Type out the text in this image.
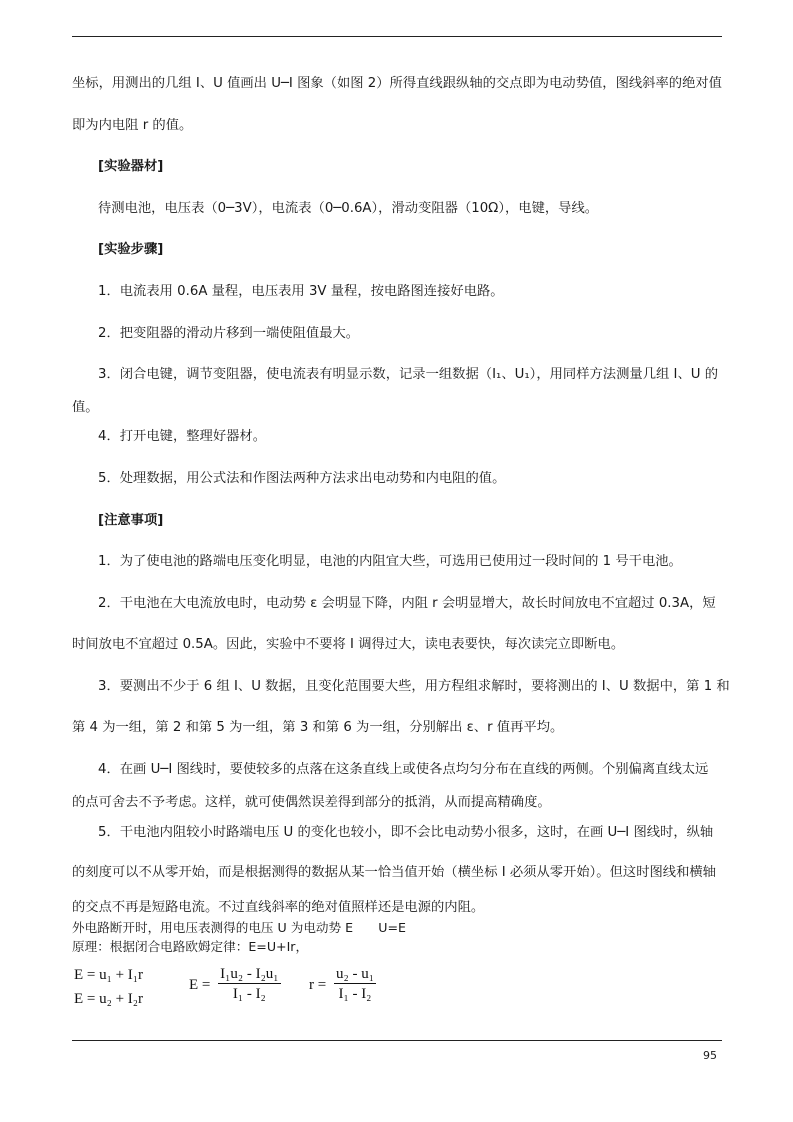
坐标，用测出的几组 I、U 值画出 U─I 图象（如图 2）所得直线跟纵轴的交点即为电动势值，图线斜率的绝对值
即为内电阻 r 的值。
[实验器材]
待测电池，电压表（0─3V），电流表（0─0.6A），滑动变阻器（10Ω），电键，导线。
[实验步骤]
1．电流表用 0.6A 量程，电压表用 3V 量程，按电路图连接好电路。
2．把变阻器的滑动片移到一端使阻值最大。
3．闭合电键，调节变阻器，使电流表有明显示数，记录一组数据（I₁、U₁），用同样方法测量几组 I、U 的
值。
4．打开电键，整理好器材。
5．处理数据，用公式法和作图法两种方法求出电动势和内电阻的值。
[注意事项]
1．为了使电池的路端电压变化明显，电池的内阻宜大些，可选用已使用过一段时间的 1 号干电池。
2．干电池在大电流放电时，电动势 ε 会明显下降，内阻 r 会明显增大，故长时间放电不宜超过 0.3A，短
时间放电不宜超过 0.5A。因此，实验中不要将 I 调得过大，读电表要快，每次读完立即断电。
3．要测出不少于 6 组 I、U 数据，且变化范围要大些，用方程组求解时，要将测出的 I、U 数据中，第 1 和
第 4 为一组，第 2 和第 5 为一组，第 3 和第 6 为一组，分别解出 ε、r 值再平均。
4．在画 U─I 图线时，要使较多的点落在这条直线上或使各点均匀分布在直线的两侧。个别偏离直线太远
的点可舍去不予考虑。这样，就可使偶然误差得到部分的抵消，从而提高精确度。
5．干电池内阻较小时路端电压 U 的变化也较小，即不会比电动势小很多，这时，在画 U─I 图线时，纵轴
的刻度可以不从零开始，而是根据测得的数据从某一恰当值开始（横坐标 I 必须从零开始）。但这时图线和横轴
的交点不再是短路电流。不过直线斜率的绝对值照样还是电源的内阻。
外电路断开时，用电压表测得的电压 U 为电动势 E　　U=E
原理：根据闭合电路欧姆定律：E=U+Ir，
E = u₁ + I₁r
E = u₂ + I₂r
$E = \frac{\text{I₁u₂ - I₂u₁}}{\text{I₁ - I₂}}$ $r = \frac{\text{u₂ - u₁}}{\text{I₁ - I₂}}$
95
